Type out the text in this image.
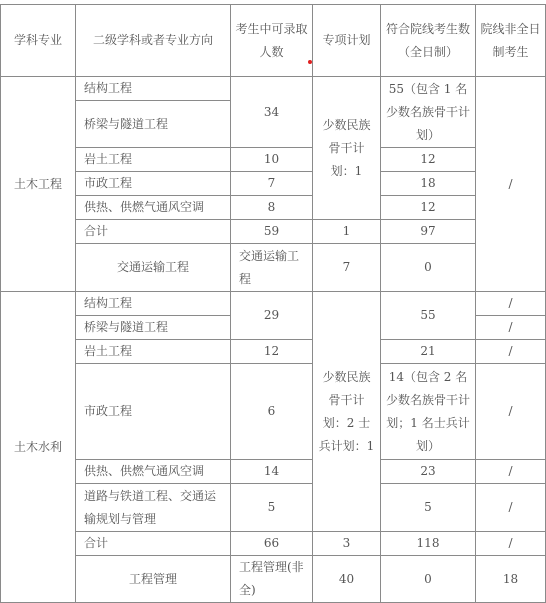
学科专业	二级学科或者专业方向	考生中可录取人数	专项计划	符合院线考生数（全日制）	院线非全日制考生	
土木工程	结构工程	34	少数民族骨干计划：1	55（包含 1 名少数名族骨干计划）	/	
	桥梁与隧道工程					
	岩土工程	10		12		
	市政工程	7		18		
	供热、供燃气通风空调	8		12		
	合计	59	1	97		
	交通运输工程	交通运输工程	7	0	
土木水利	结构工程	29	少数民族骨干计划：2 士兵计划：1	55	/	
	桥梁与隧道工程				/	
	岩土工程	12		21	/	
	市政工程	6		14（包含 2 名少数名族骨干计划；1 名士兵计划）	/	
	供热、供燃气通风空调	14		23	/	
	道路与铁道工程、交通运输规划与管理	5		5	/	
	合计	66	3	118	/	
	工程管理	工程管理(非全)	40	0	18	
